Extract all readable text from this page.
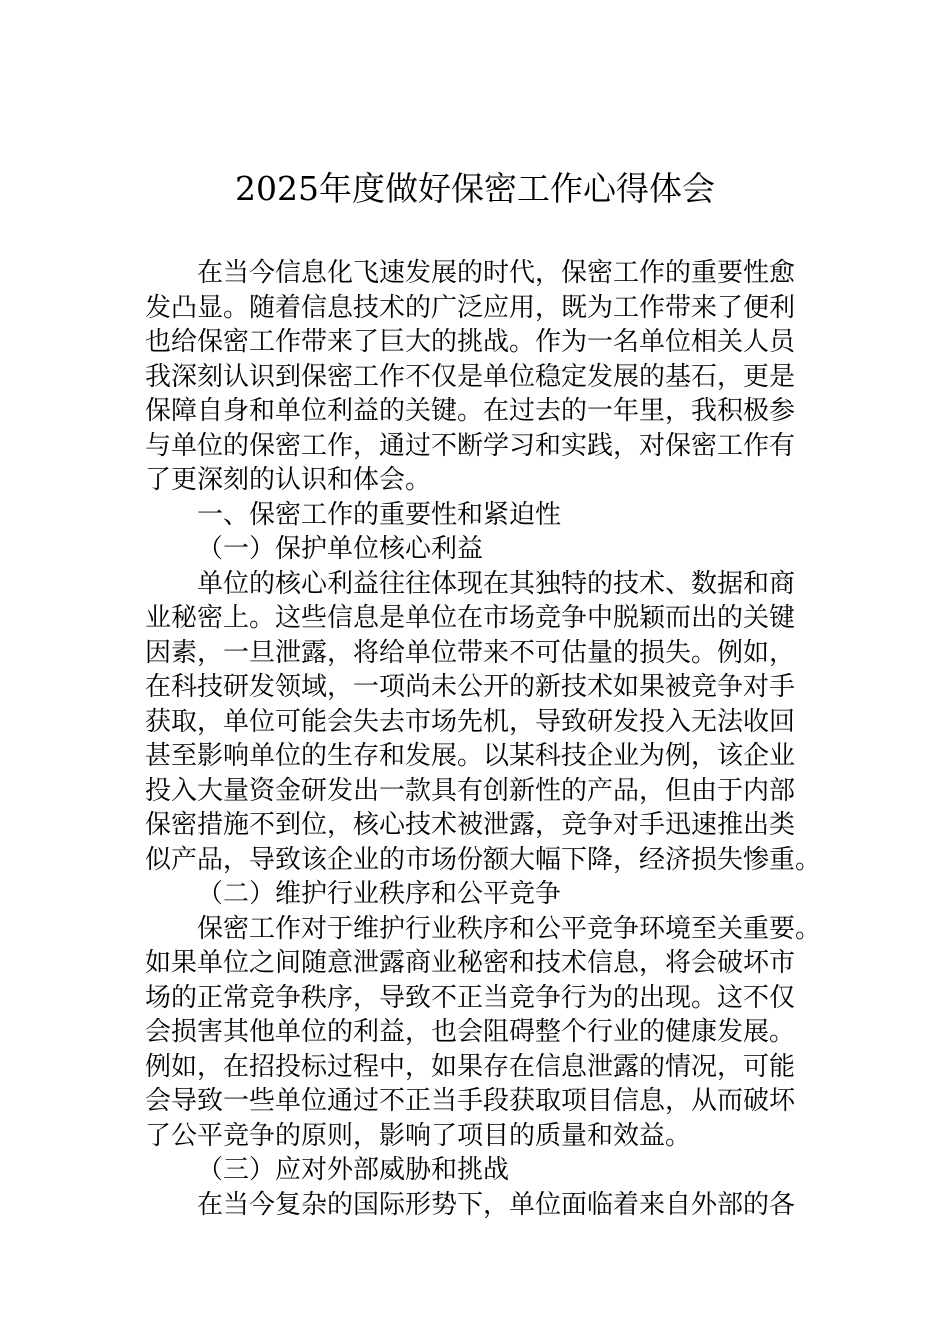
2025年度做好保密工作心得体会

在当今信息化飞速发展的时代，保密工作的重要性愈

发凸显。随着信息技术的广泛应用，既为工作带来了便利

也给保密工作带来了巨大的挑战。作为一名单位相关人员

我深刻认识到保密工作不仅是单位稳定发展的基石，更是

保障自身和单位利益的关键。在过去的一年里，我积极参

与单位的保密工作，通过不断学习和实践，对保密工作有

了更深刻的认识和体会。

一、保密工作的重要性和紧迫性

（一）保护单位核心利益

单位的核心利益往往体现在其独特的技术、数据和商

业秘密上。这些信息是单位在市场竞争中脱颖而出的关键

因素，一旦泄露，将给单位带来不可估量的损失。例如，

在科技研发领域，一项尚未公开的新技术如果被竞争对手

获取，单位可能会失去市场先机，导致研发投入无法收回

甚至影响单位的生存和发展。以某科技企业为例，该企业

投入大量资金研发出一款具有创新性的产品，但由于内部

保密措施不到位，核心技术被泄露，竞争对手迅速推出类

似产品，导致该企业的市场份额大幅下降，经济损失惨重。

（二）维护行业秩序和公平竞争

保密工作对于维护行业秩序和公平竞争环境至关重要。

如果单位之间随意泄露商业秘密和技术信息，将会破坏市

场的正常竞争秩序，导致不正当竞争行为的出现。这不仅

会损害其他单位的利益，也会阻碍整个行业的健康发展。

例如，在招投标过程中，如果存在信息泄露的情况，可能

会导致一些单位通过不正当手段获取项目信息，从而破坏

了公平竞争的原则，影响了项目的质量和效益。

（三）应对外部威胁和挑战

在当今复杂的国际形势下，单位面临着来自外部的各
